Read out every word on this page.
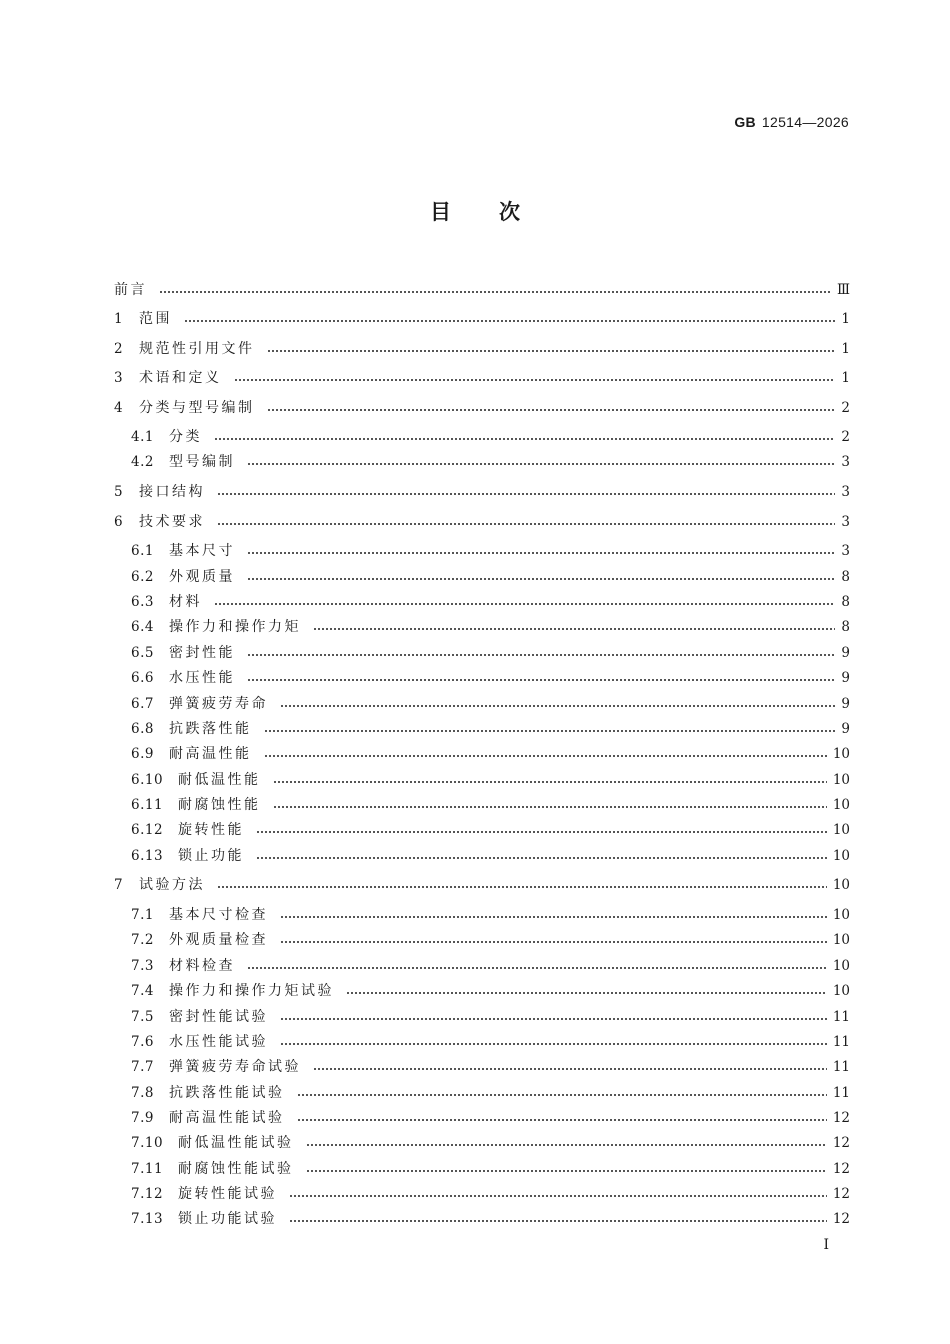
GB 12514—2026
目次
前言	Ⅲ
1	范围	1
2	规范性引用文件	1
3	术语和定义	1
4	分类与型号编制	2
4.1	分类	2
4.2	型号编制	3
5	接口结构	3
6	技术要求	3
6.1	基本尺寸	3
6.2	外观质量	8
6.3	材料	8
6.4	操作力和操作力矩	8
6.5	密封性能	9
6.6	水压性能	9
6.7	弹簧疲劳寿命	9
6.8	抗跌落性能	9
6.9	耐高温性能	10
6.10	耐低温性能	10
6.11	耐腐蚀性能	10
6.12	旋转性能	10
6.13	锁止功能	10
7	试验方法	10
7.1	基本尺寸检查	10
7.2	外观质量检查	10
7.3	材料检查	10
7.4	操作力和操作力矩试验	10
7.5	密封性能试验	11
7.6	水压性能试验	11
7.7	弹簧疲劳寿命试验	11
7.8	抗跌落性能试验	11
7.9	耐高温性能试验	12
7.10	耐低温性能试验	12
7.11	耐腐蚀性能试验	12
7.12	旋转性能试验	12
7.13	锁止功能试验	12
I
